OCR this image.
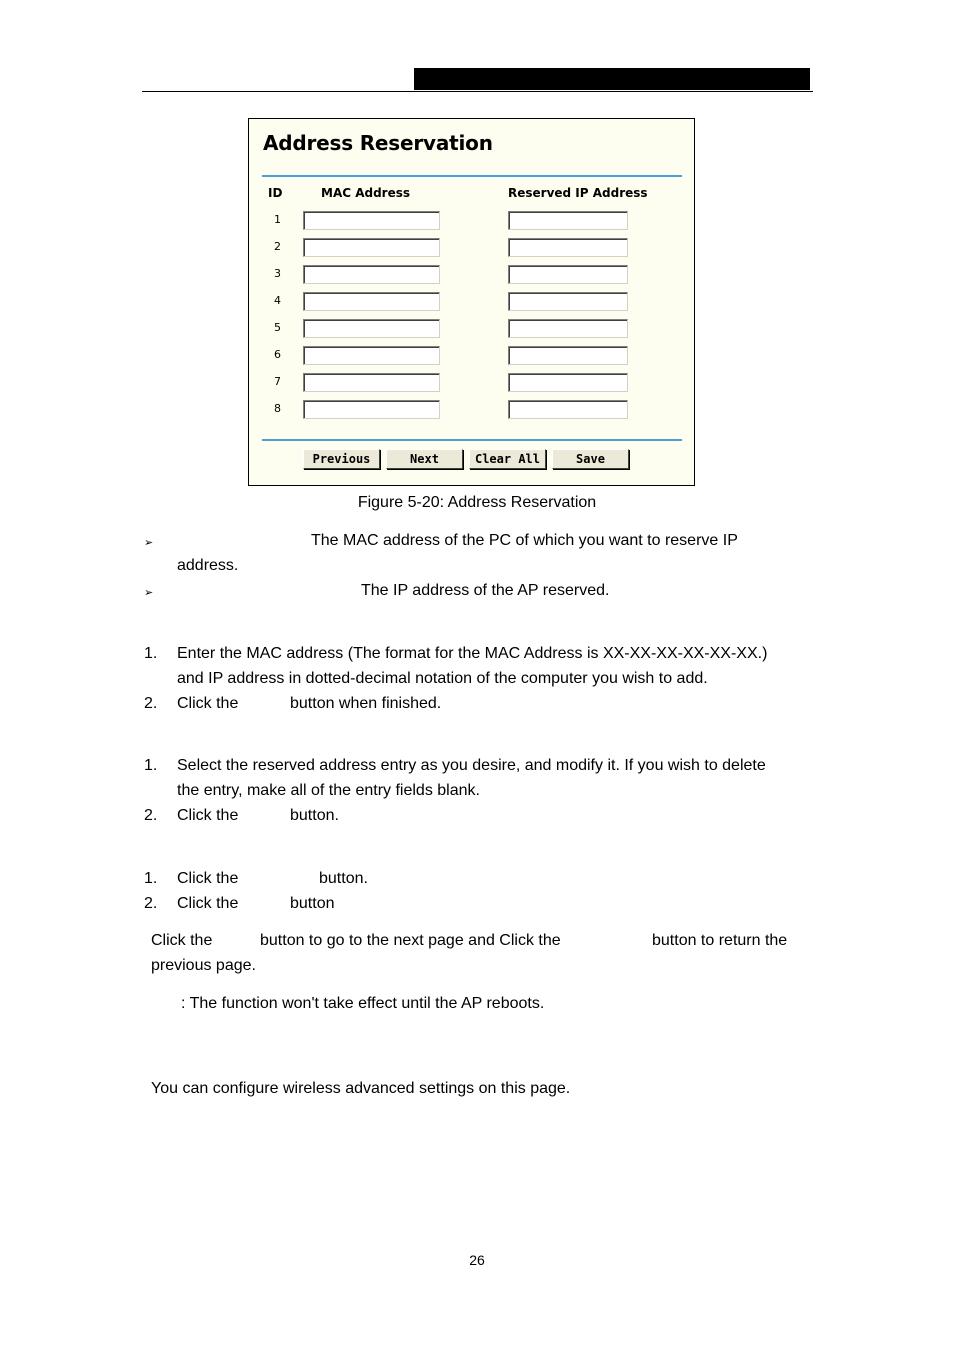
Address Reservation
ID	MAC Address	Reserved IP Address
1
2
3
4
5
6
7
8
Previous	Next	Clear All	Save
Figure 5-20: Address Reservation
➢	The MAC address of the PC of which you want to reserve IP
address.
➢	The IP address of the AP reserved.
1. Enter the MAC address (The format for the MAC Address is XX-XX-XX-XX-XX-XX.)
and IP address in dotted-decimal notation of the computer you wish to add.
2. Click the	button when finished.
1. Select the reserved address entry as you desire, and modify it. If you wish to delete
the entry, make all of the entry fields blank.
2. Click the	button.
1. Click the	button.
2. Click the	button
Click the	button to go to the next page and Click the	button to return the
previous page.
: The function won't take effect until the AP reboots.
You can configure wireless advanced settings on this page.
26
